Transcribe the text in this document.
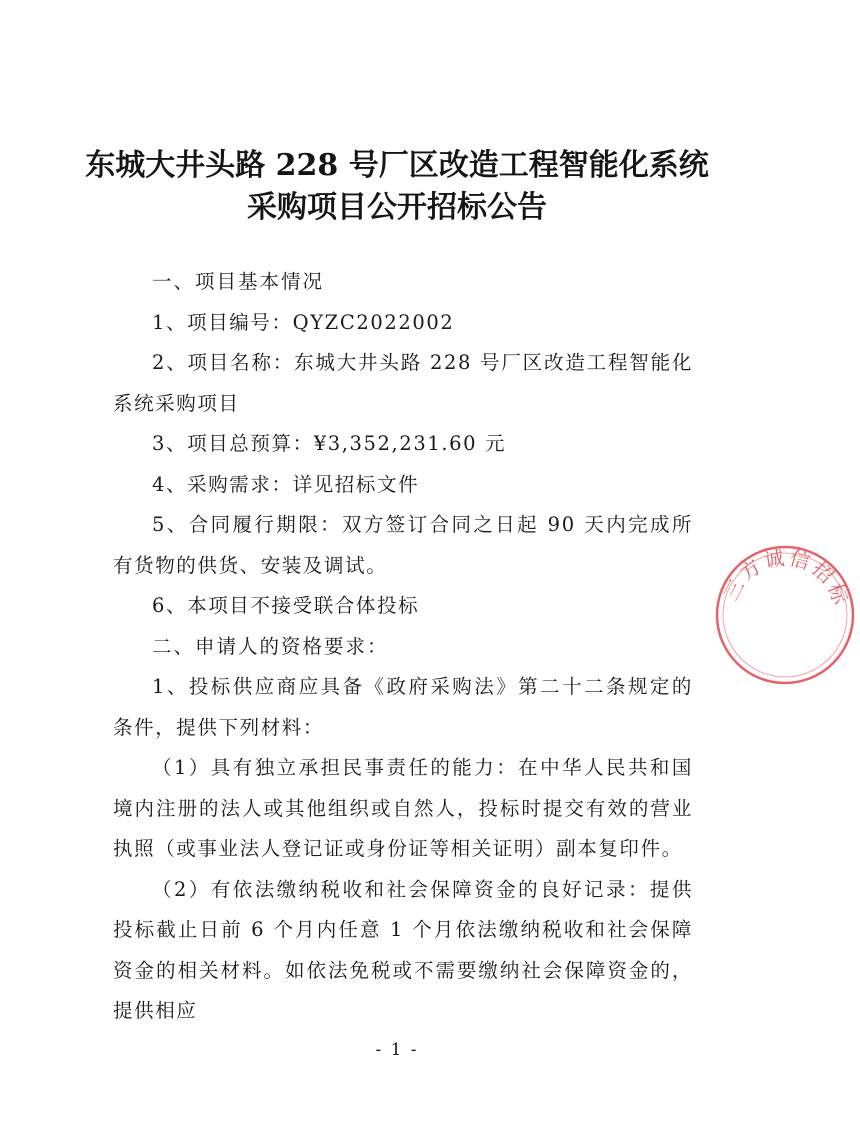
东城大井头路 228 号厂区改造工程智能化系统
采购项目公开招标公告

一、项目基本情况

1、项目编号：QYZC2022002

2、项目名称：东城大井头路 228 号厂区改造工程智能化系统采购项目

3、项目总预算：¥3,352,231.60 元

4、采购需求：详见招标文件

5、合同履行期限：双方签订合同之日起 90 天内完成所有货物的供货、安装及调试。

6、本项目不接受联合体投标

二、申请人的资格要求：

1、投标供应商应具备《政府采购法》第二十二条规定的条件，提供下列材料：

（1）具有独立承担民事责任的能力：在中华人民共和国境内注册的法人或其他组织或自然人，投标时提交有效的营业执照（或事业法人登记证或身份证等相关证明）副本复印件。

（2）有依法缴纳税收和社会保障资金的良好记录：提供投标截止日前 6 个月内任意 1 个月依法缴纳税收和社会保障资金的相关材料。如依法免税或不需要缴纳社会保障资金的，提供相应

三方诚信招标
- 1 -
